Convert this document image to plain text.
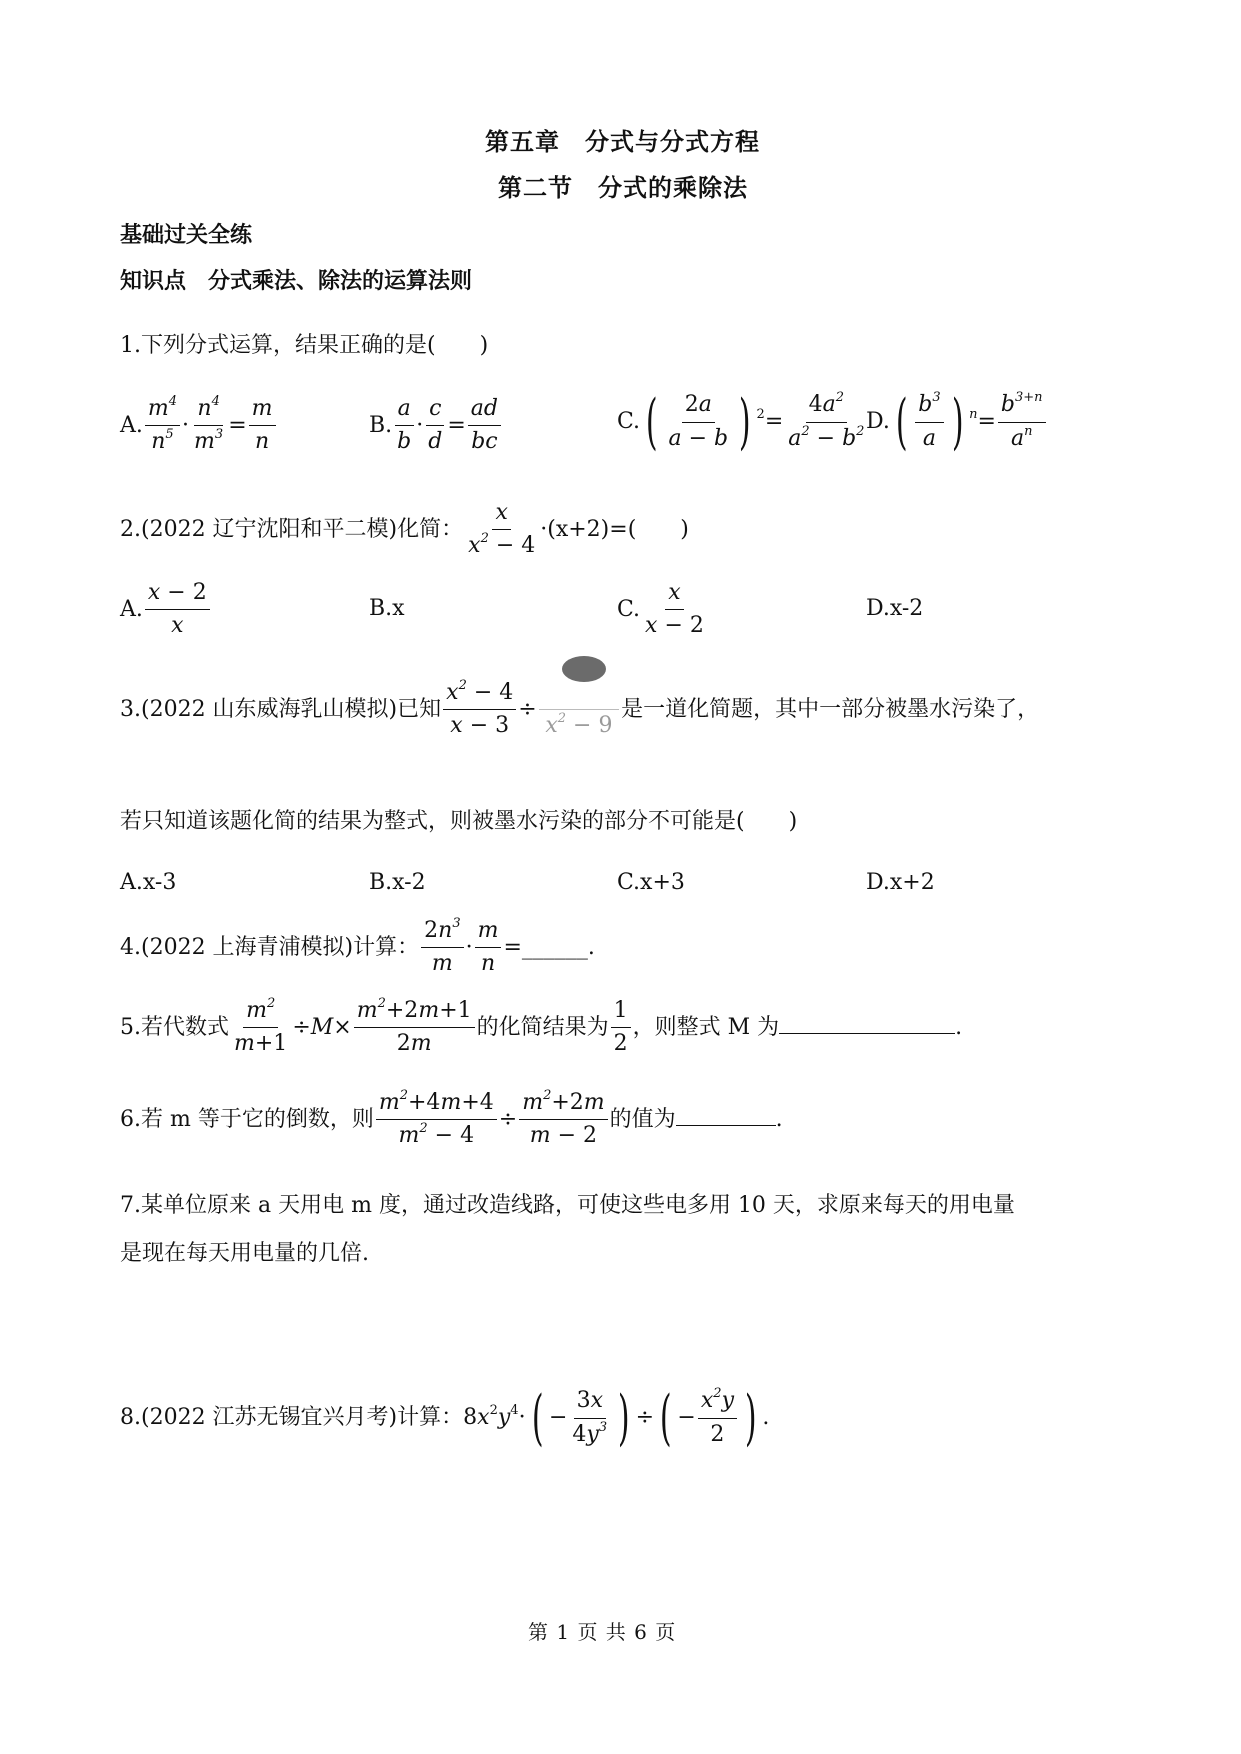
第五章　分式与分式方程
第二节　分式的乘除法
基础过关全练
知识点　分式乘法、除法的运算法则
1.下列分式运算，结果正确的是(　　)
A. $\frac{m^4}{n^5} \cdot \frac{n^4}{m^3} = \frac{m}{n}$	B. $\frac{a}{b} \cdot \frac{c}{d} = \frac{ad}{bc}$	$C.( \frac{2a}{a - b}$ ) $^2= \frac{4a^2}{a^2 - b^2}$
$D.( \frac{b^3}{a}$ ) $^n= \frac{b^{3+n}}{a^n}$
2.(2022 辽宁沈阳和平二模)化简： $\frac{x}{x^2 - 4} \cdot(x+2)=$(　　)
A. $\frac{x - 2}{x}$	B.x	C. $\frac{x}{x - 2}$	D.x-2
3.(2022 山东威海乳山模拟)已知 $\frac{x^2 - 4}{x - 3}$ ÷
$x^2 - 9$
是一道化简题，其中一部分被墨水污染了，
若只知道该题化简的结果为整式，则被墨水污染的部分不可能是(　　)
A.x-3	B.x-2	C.x+3	D.x+2
4.(2022 上海青浦模拟)计算： $\frac{2n^3}{m} \cdot \frac{m}{n}$ =______.
5.若代数式 $\frac{m^2}{m+1} \div M\times \frac{m^2+2m+1}{2m}$ 的化简结果为 $\frac{1}{2}$ ，则整式 M 为	.
6.若 m 等于它的倒数，则 $\frac{m^2+4m+4}{m^2 - 4} \div \frac{m^2+2m}{m - 2}$ 的值为	.
7.某单位原来 a 天用电 m 度，通过改造线路，可使这些电多用 10 天，求原来每天的用电量
是现在每天用电量的几倍.
8.(2022 江苏无锡宜兴月考)计算：$8x^2y^4\cdot( - \frac{3x}{4y^3}$ ) ÷( − $\frac{x^2y}{2}$ ) .
第 1 页 共 6 页
